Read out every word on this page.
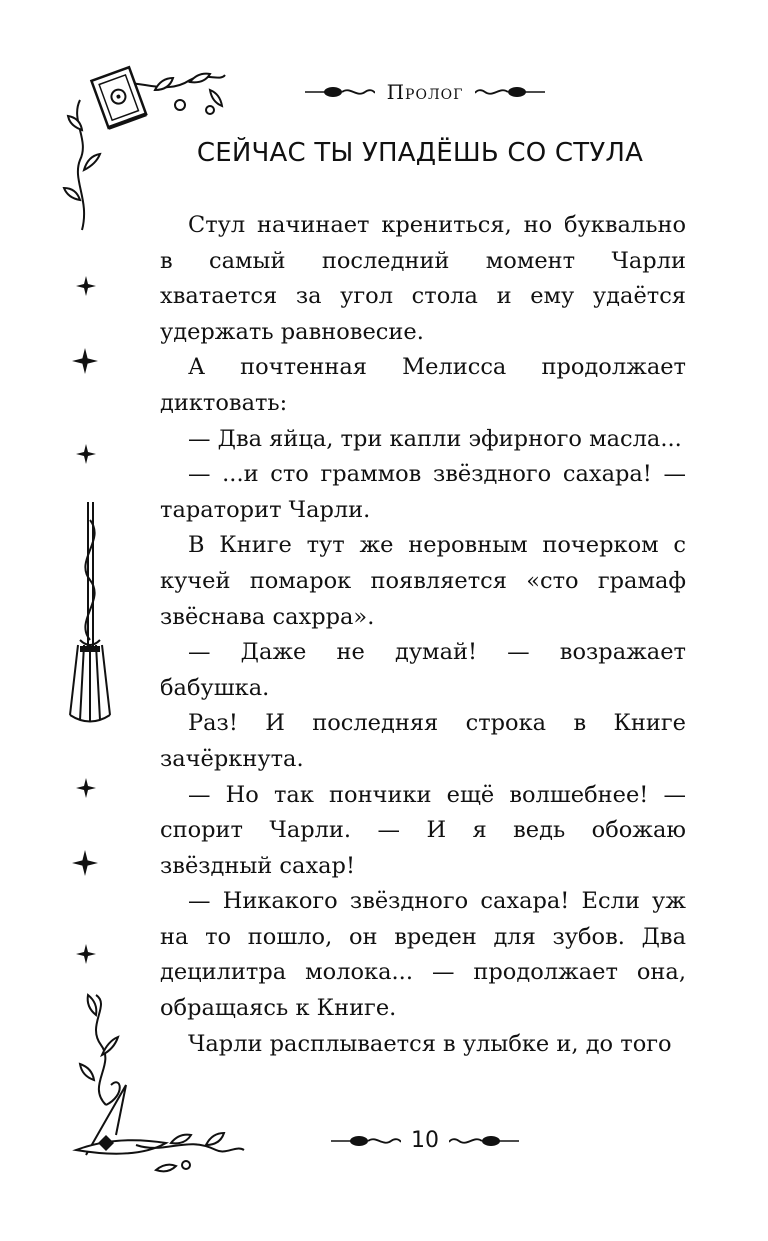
Пролог
СЕЙЧАС ТЫ УПАДЁШЬ СО СТУЛА

Стул начинает крениться, но буквально в самый последний момент Чарли хватается за угол стола и ему удаётся удержать равновесие.

А почтенная Мелисса продолжает диктовать:

— Два яйца, три капли эфирного масла...

— ...и сто граммов звёздного сахара! — тараторит Чарли.

В Книге тут же неровным почерком с кучей помарок появляется «сто грамаф звёснава сахрра».

— Даже не думай! — возражает бабушка.

Раз! И последняя строка в Книге зачёркнута.

— Но так пончики ещё волшебнее! — спорит Чарли. — И я ведь обожаю звёздный сахар!

— Никакого звёздного сахара! Если уж на то пошло, он вреден для зубов. Два децилитра молока... — продолжает она, обращаясь к Книге.

Чарли расплывается в улыбке и, до того

10
